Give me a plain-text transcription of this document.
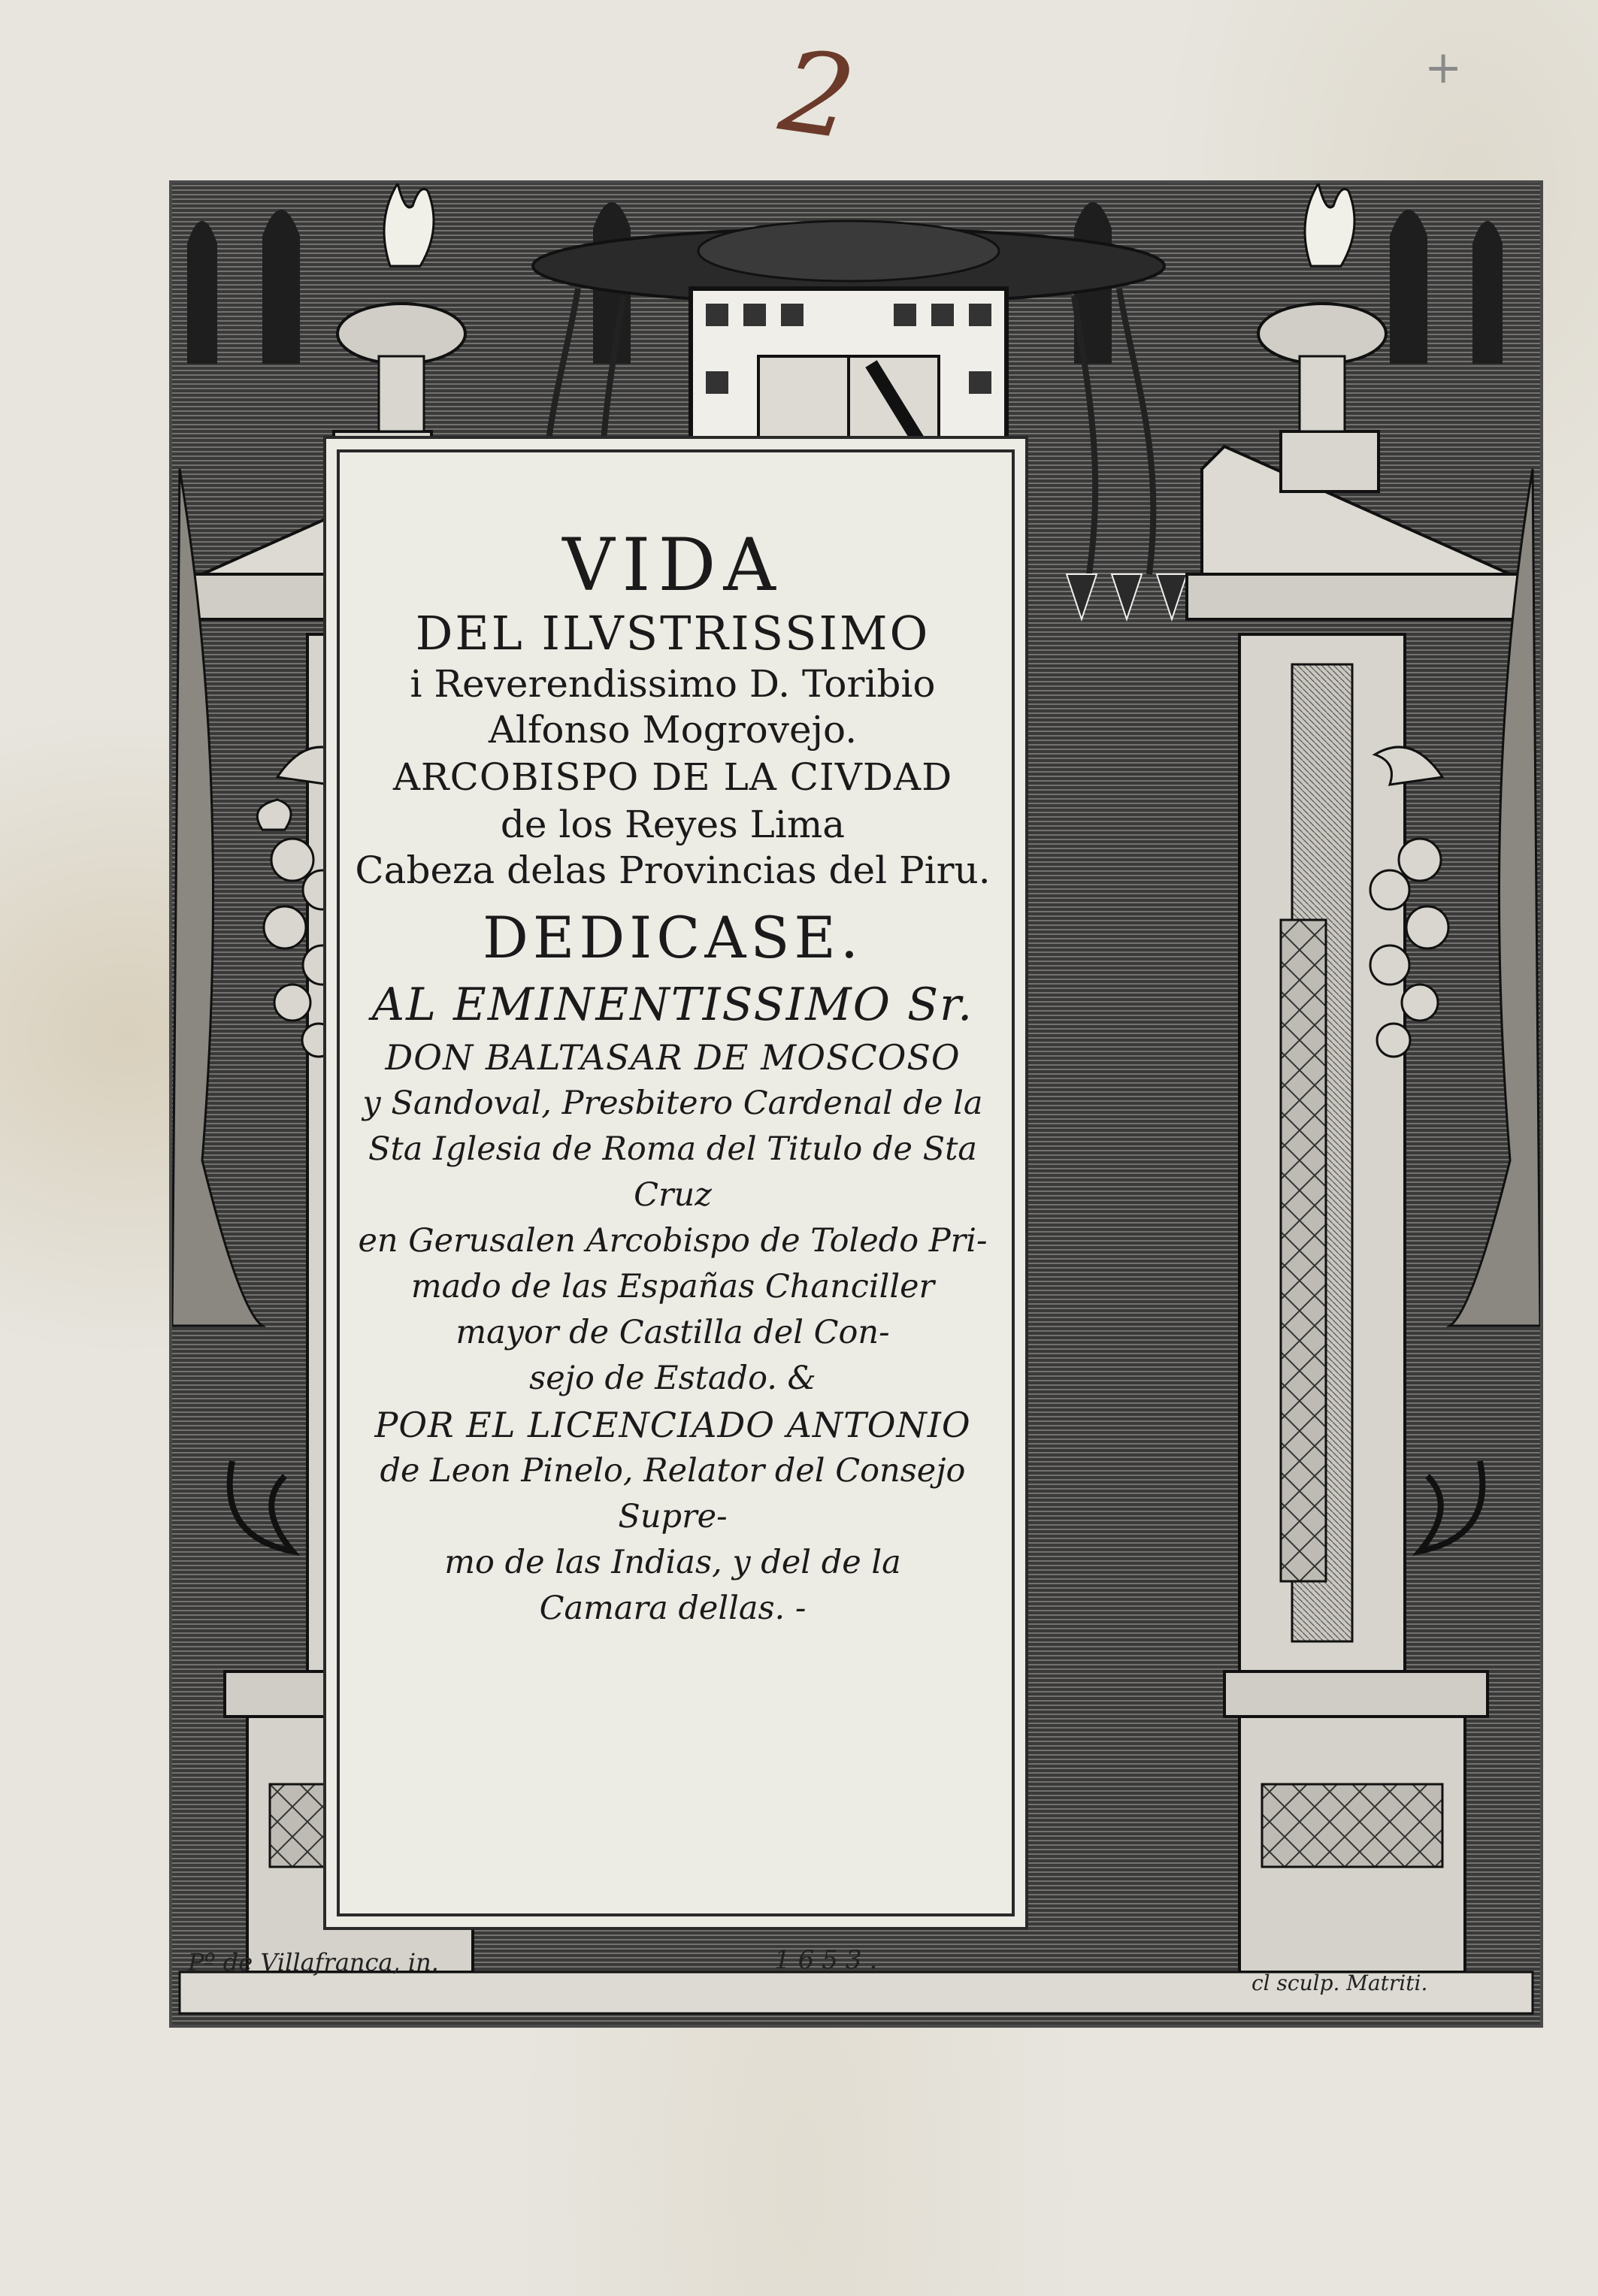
2	+
VIDA
DEL ILVSTRISSIMO
i Reverendissimo D. Toribio
Alfonso Mogrovejo.
ARCOBISPO DE LA CIVDAD
de los Reyes Lima
Cabeza delas Provincias del Piru.
DEDICASE.
AL EMINENTISSIMO Sr.
DON BALTASAR DE MOSCOSO
y Sandoval, Presbitero Cardenal de la
Sta Iglesia de Roma del Titulo de Sta Cruz
en Gerusalen Arcobispo de Toledo Pri-
mado de las Españas Chanciller
mayor de Castilla del Con-
sejo de Estado. &
POR EL LICENCIADO ANTONIO
de Leon Pinelo, Relator del Consejo Supre-
mo de las Indias, y del de la
Camara dellas. -
1653.
Pº de Villafranca, in.
cl sculp. Matriti.
